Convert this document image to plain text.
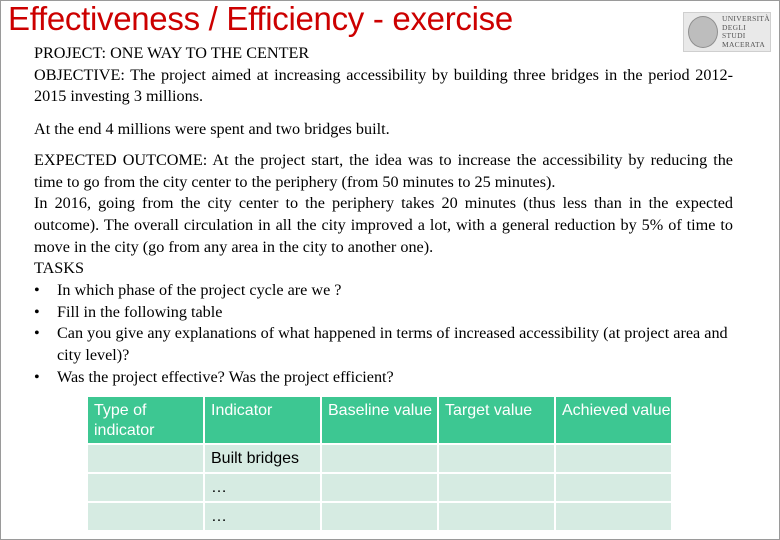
Effectiveness / Efficiency - exercise	UNIVERSITÀ
DEGLI STUDI
MACERATA

PROJECT: ONE WAY TO THE CENTER

OBJECTIVE: The project aimed at increasing accessibility by building three bridges in the period 2012-2015 investing 3 millions.

At the end 4 millions were spent and two bridges built.

EXPECTED OUTCOME: At the project start, the idea was to increase the accessibility by reducing the time to go from the city center to the periphery (from 50 minutes to 25 minutes).

In 2016, going from the city center to the periphery takes 20 minutes (thus less than in the expected outcome). The overall circulation in all the city improved a lot, with a general reduction by 5% of time to move in the city (go from any area in the city to another one).

TASKS

• In which phase of the project cycle are we ?
• Fill in the following table
• Can you give any explanations of what happened in terms of increased accessibility (at project area and city level)?
• Was the project effective? Was the project efficient?
Type of indicator	Indicator	Baseline value	Target value	Achieved value
	Built bridges			
	…			
	…			
